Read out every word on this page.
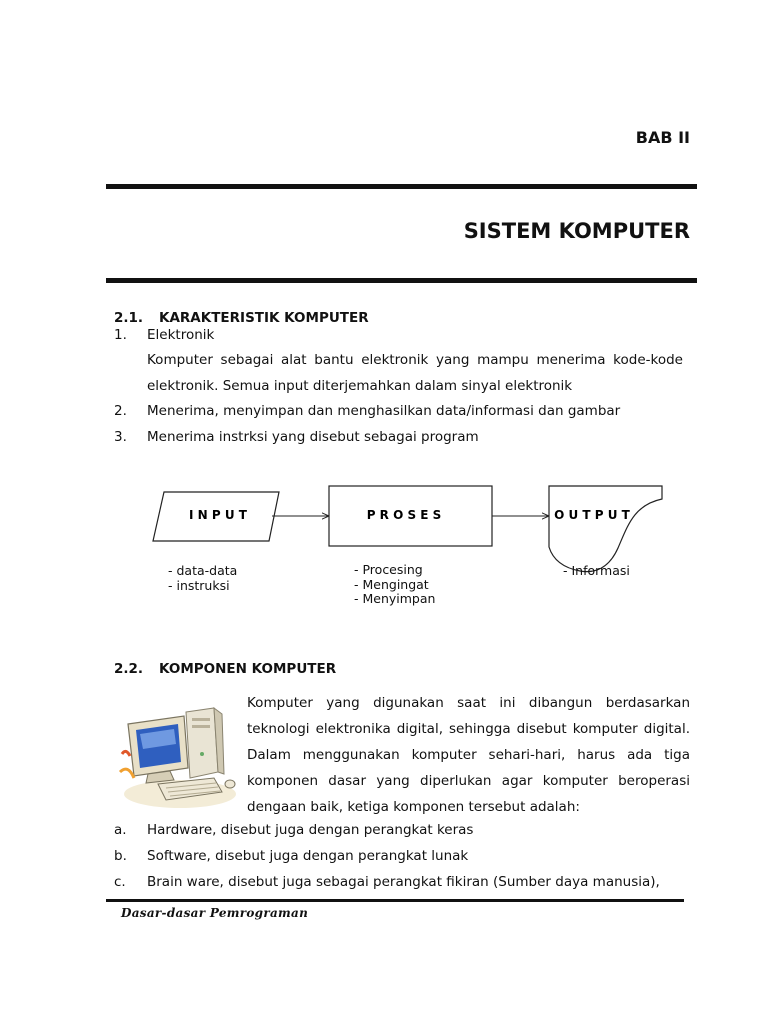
BAB II
SISTEM KOMPUTER
2.1. KARAKTERISTIK KOMPUTER
1. Elektronik
Komputer sebagai alat bantu elektronik yang mampu menerima kode-kode
elektronik. Semua input diterjemahkan dalam sinyal elektronik
2. Menerima, menyimpan dan menghasilkan data/informasi dan gambar
3. Menerima instrksi yang disebut sebagai program
I N P U T	P R O S E S	O U T P U T
- data-data
- instruksi
- Procesing
- Mengingat
- Menyimpan
- Informasi
2.2. KOMPONEN KOMPUTER
Komputer yang digunakan saat ini dibangun berdasarkan
teknologi elektronika digital, sehingga disebut komputer digital.
Dalam menggunakan komputer sehari-hari, harus ada tiga
komponen dasar yang diperlukan agar komputer beroperasi
dengaan baik, ketiga komponen tersebut adalah:
a. Hardware, disebut juga dengan perangkat keras
b. Software, disebut juga dengan perangkat lunak
c. Brain ware, disebut juga sebagai perangkat fikiran (Sumber daya manusia),
Dasar-dasar Pemrograman
